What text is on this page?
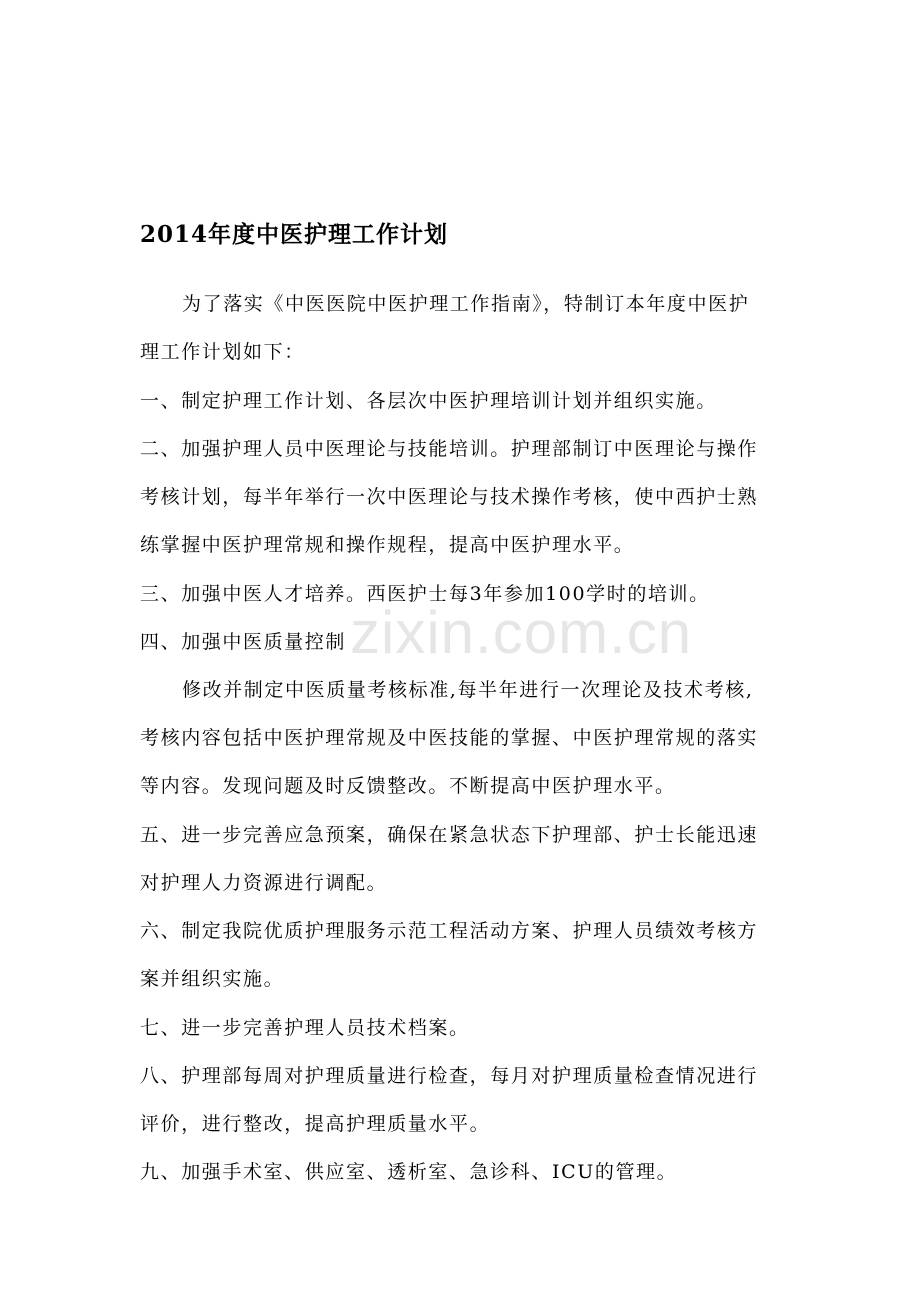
zixin.com.cn
2014年度中医护理工作计划

为了落实《中医医院中医护理工作指南》，特制订本年度中医护

理工作计划如下：

一、制定护理工作计划、各层次中医护理培训计划并组织实施。

二、加强护理人员中医理论与技能培训。护理部制订中医理论与操作

考核计划，每半年举行一次中医理论与技术操作考核，使中西护士熟

练掌握中医护理常规和操作规程，提高中医护理水平。

三、加强中医人才培养。西医护士每3年参加100学时的培训。

四、加强中医质量控制

修改并制定中医质量考核标准,每半年进行一次理论及技术考核,

考核内容包括中医护理常规及中医技能的掌握、中医护理常规的落实

等内容。发现问题及时反馈整改。不断提高中医护理水平。

五、进一步完善应急预案，确保在紧急状态下护理部、护士长能迅速

对护理人力资源进行调配。

六、制定我院优质护理服务示范工程活动方案、护理人员绩效考核方

案并组织实施。

七、进一步完善护理人员技术档案。

八、护理部每周对护理质量进行检查，每月对护理质量检查情况进行

评价，进行整改，提高护理质量水平。

九、加强手术室、供应室、透析室、急诊科、ICU的管理。
